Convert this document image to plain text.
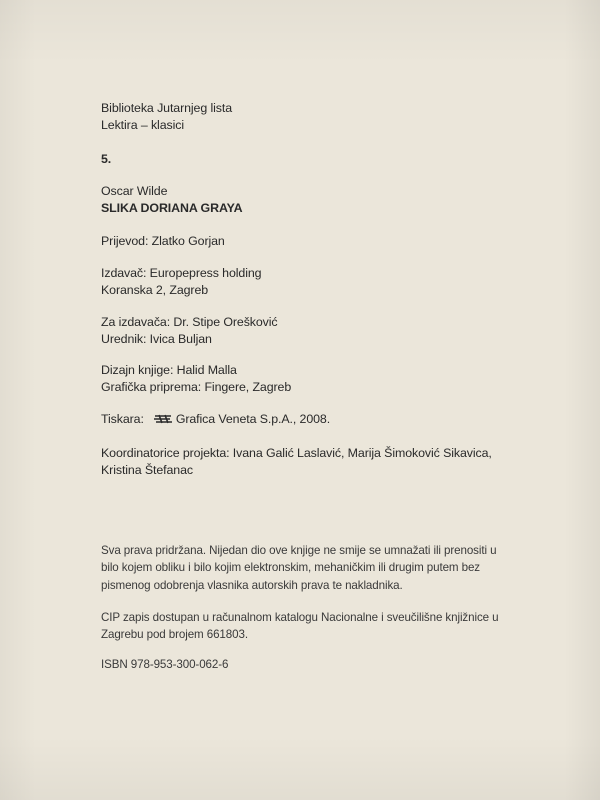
Biblioteka Jutarnjeg lista
Lektira – klasici
5.
Oscar Wilde
SLIKA DORIANA GRAYA
Prijevod: Zlatko Gorjan
Izdavač: Europepress holding
Koranska 2, Zagreb
Za izdavača: Dr. Stipe Orešković
Urednik: Ivica Buljan
Dizajn knjige: Halid Malla
Grafička priprema: Fingere, Zagreb
Tiskara:	Grafica Veneta S.p.A., 2008.
Koordinatorice projekta: Ivana Galić Laslavić, Marija Šimoković Sikavica,
Kristina Štefanac
Sva prava pridržana. Nijedan dio ove knjige ne smije se umnažati ili prenositi u
bilo kojem obliku i bilo kojim elektronskim, mehaničkim ili drugim putem bez
pismenog odobrenja vlasnika autorskih prava te nakladnika.
CIP zapis dostupan u računalnom katalogu Nacionalne i sveučilišne knjižnice u
Zagrebu pod brojem 661803.
ISBN 978-953-300-062-6
